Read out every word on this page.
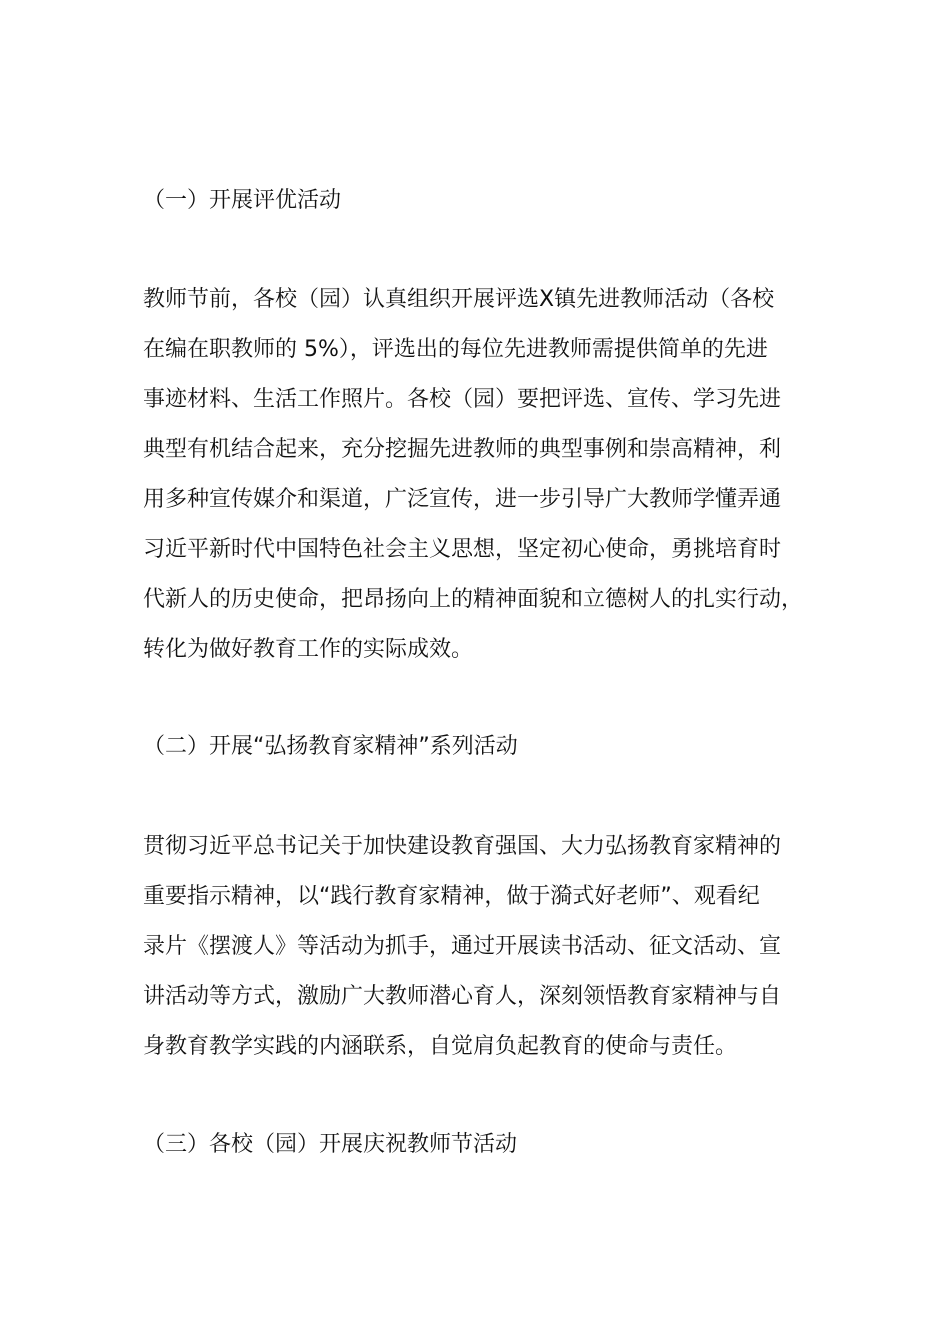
（一）开展评优活动
教师节前，各校（园）认真组织开展评选Ⅹ镇先进教师活动（各校
在编在职教师的 5%），评选出的每位先进教师需提供简单的先进
事迹材料、生活工作照片。各校（园）要把评选、宣传、学习先进
典型有机结合起来，充分挖掘先进教师的典型事例和崇高精神，利
用多种宣传媒介和渠道，广泛宣传，进一步引导广大教师学懂弄通
习近平新时代中国特色社会主义思想，坚定初心使命，勇挑培育时
代新人的历史使命，把昂扬向上的精神面貌和立德树人的扎实行动，
转化为做好教育工作的实际成效。
（二）开展“弘扬教育家精神”系列活动
贯彻习近平总书记关于加快建设教育强国、大力弘扬教育家精神的
重要指示精神，以“践行教育家精神，做于漪式好老师”、观看纪
录片《摆渡人》等活动为抓手，通过开展读书活动、征文活动、宣
讲活动等方式，激励广大教师潜心育人，深刻领悟教育家精神与自
身教育教学实践的内涵联系，自觉肩负起教育的使命与责任。
（三）各校（园）开展庆祝教师节活动
